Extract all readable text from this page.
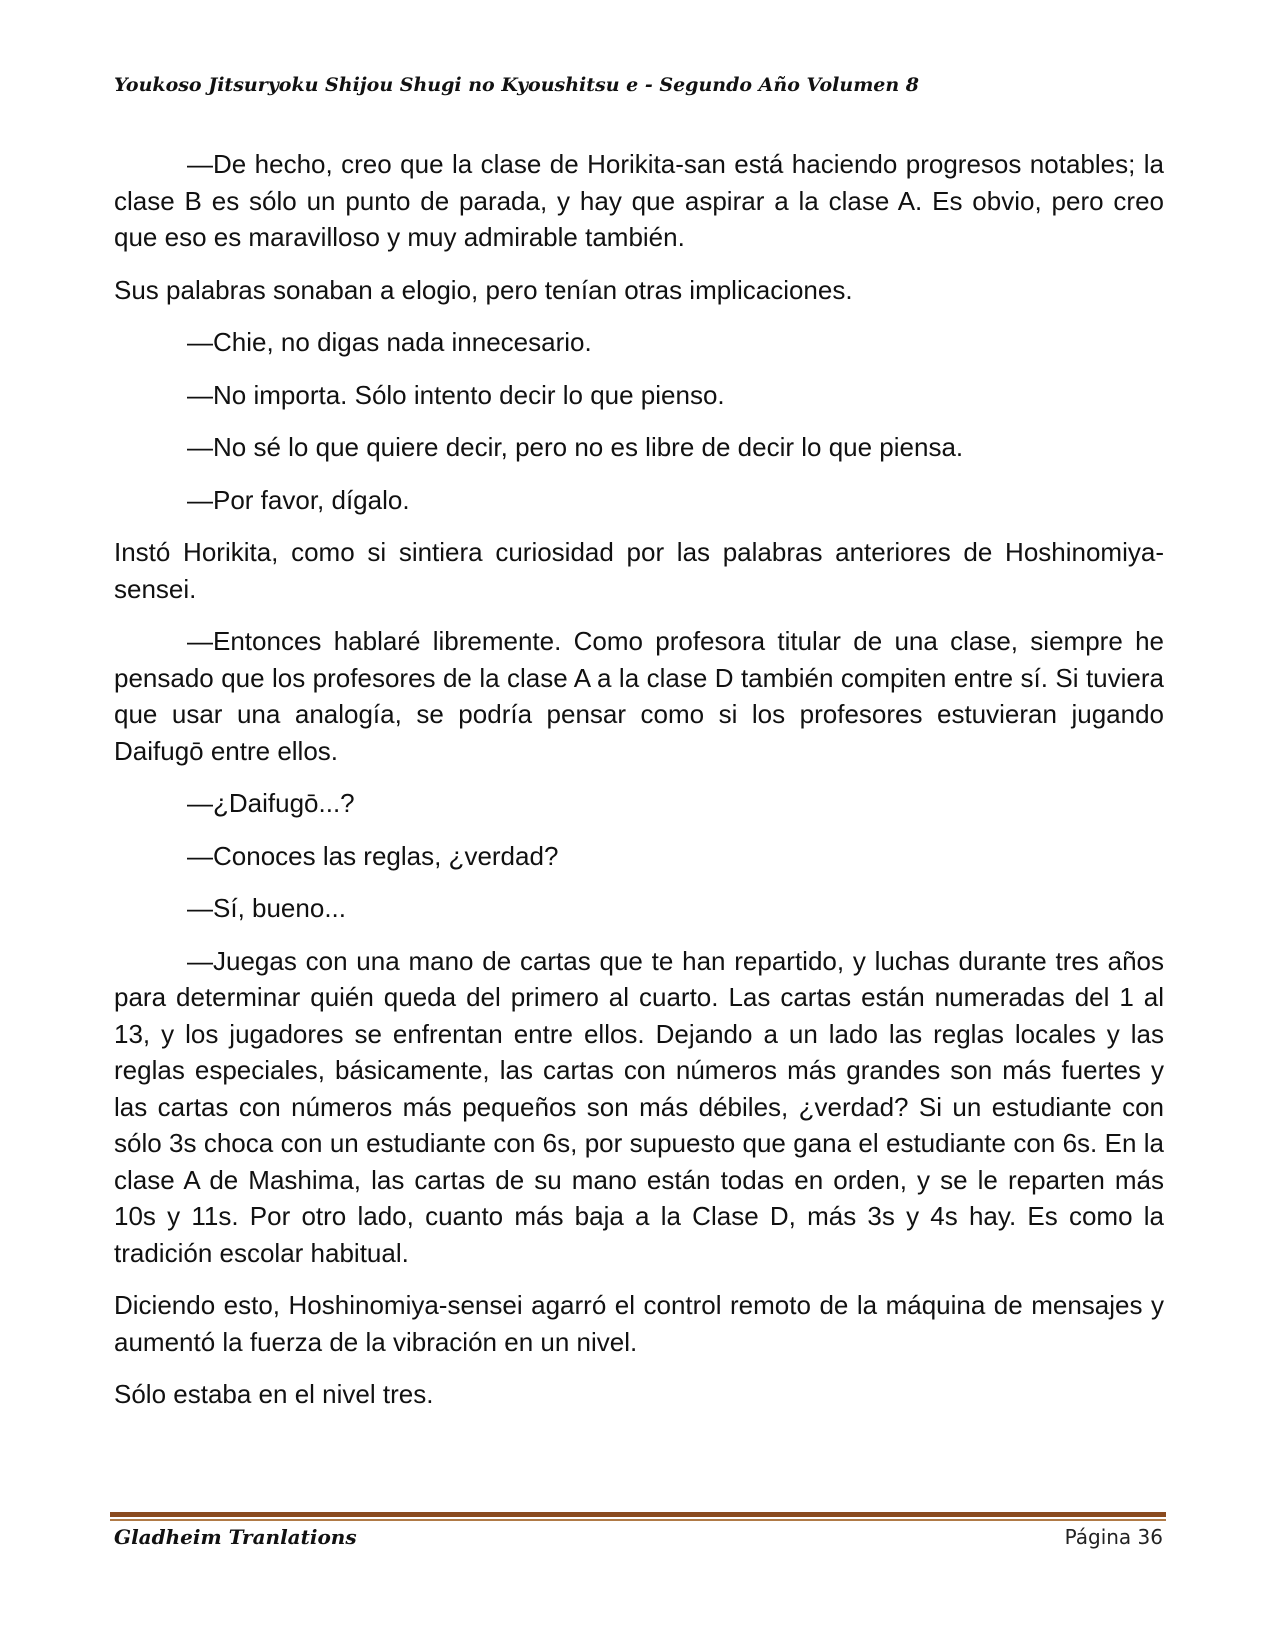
Youkoso Jitsuryoku Shijou Shugi no Kyoushitsu e - Segundo Año Volumen 8

—De hecho, creo que la clase de Horikita-san está haciendo progresos notables; la clase B es sólo un punto de parada, y hay que aspirar a la clase A. Es obvio, pero creo que eso es maravilloso y muy admirable también.

Sus palabras sonaban a elogio, pero tenían otras implicaciones.

—Chie, no digas nada innecesario.

—No importa. Sólo intento decir lo que pienso.

—No sé lo que quiere decir, pero no es libre de decir lo que piensa.

—Por favor, dígalo.

Instó Horikita, como si sintiera curiosidad por las palabras anteriores de Hoshinomiya-sensei.

—Entonces hablaré libremente. Como profesora titular de una clase, siempre he pensado que los profesores de la clase A a la clase D también compiten entre sí. Si tuviera que usar una analogía, se podría pensar como si los profesores estuvieran jugando Daifugō entre ellos.

—¿Daifugō...?

—Conoces las reglas, ¿verdad?

—Sí, bueno...

—Juegas con una mano de cartas que te han repartido, y luchas durante tres años para determinar quién queda del primero al cuarto. Las cartas están numeradas del 1 al 13, y los jugadores se enfrentan entre ellos. Dejando a un lado las reglas locales y las reglas especiales, básicamente, las cartas con números más grandes son más fuertes y las cartas con números más pequeños son más débiles, ¿verdad? Si un estudiante con sólo 3s choca con un estudiante con 6s, por supuesto que gana el estudiante con 6s. En la clase A de Mashima, las cartas de su mano están todas en orden, y se le reparten más 10s y 11s. Por otro lado, cuanto más baja a la Clase D, más 3s y 4s hay. Es como la tradición escolar habitual.

Diciendo esto, Hoshinomiya-sensei agarró el control remoto de la máquina de mensajes y aumentó la fuerza de la vibración en un nivel.

Sólo estaba en el nivel tres.

Gladheim Tranlations	Página 36
